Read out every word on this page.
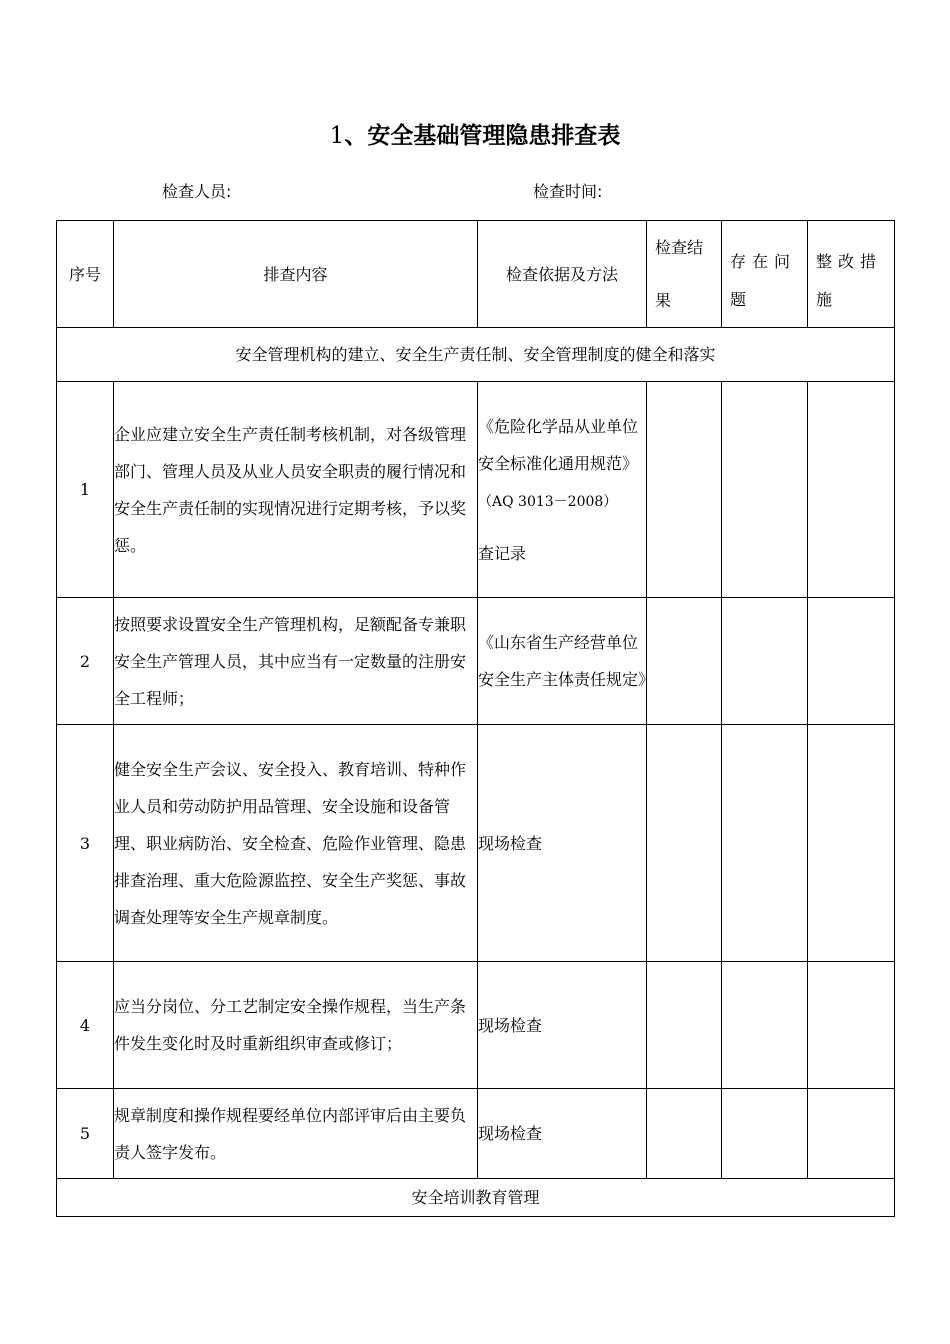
1、安全基础管理隐患排查表
检查人员:	检查时间:
序号	排查内容	检查依据及方法	检查结果	存在问题	整改措施
安全管理机构的建立、安全生产责任制、安全管理制度的健全和落实					
1	企业应建立安全生产责任制考核机制，对各级管理部门、管理人员及从业人员安全职责的履行情况和安全生产责任制的实现情况进行定期考核，予以奖惩。	《危险化学品从业单位安全标准化通用规范》（AQ 3013－2008）
查记录			
2	按照要求设置安全生产管理机构，足额配备专兼职安全生产管理人员，其中应当有一定数量的注册安全工程师；	《山东省生产经营单位安全生产主体责任规定》			
3	健全安全生产会议、安全投入、教育培训、特种作业人员和劳动防护用品管理、安全设施和设备管理、职业病防治、安全检查、危险作业管理、隐患排查治理、重大危险源监控、安全生产奖惩、事故调查处理等安全生产规章制度。	现场检查			
4	应当分岗位、分工艺制定安全操作规程，当生产条件发生变化时及时重新组织审查或修订；	现场检查			
5	规章制度和操作规程要经单位内部评审后由主要负责人签字发布。	现场检查			
安全培训教育管理					
